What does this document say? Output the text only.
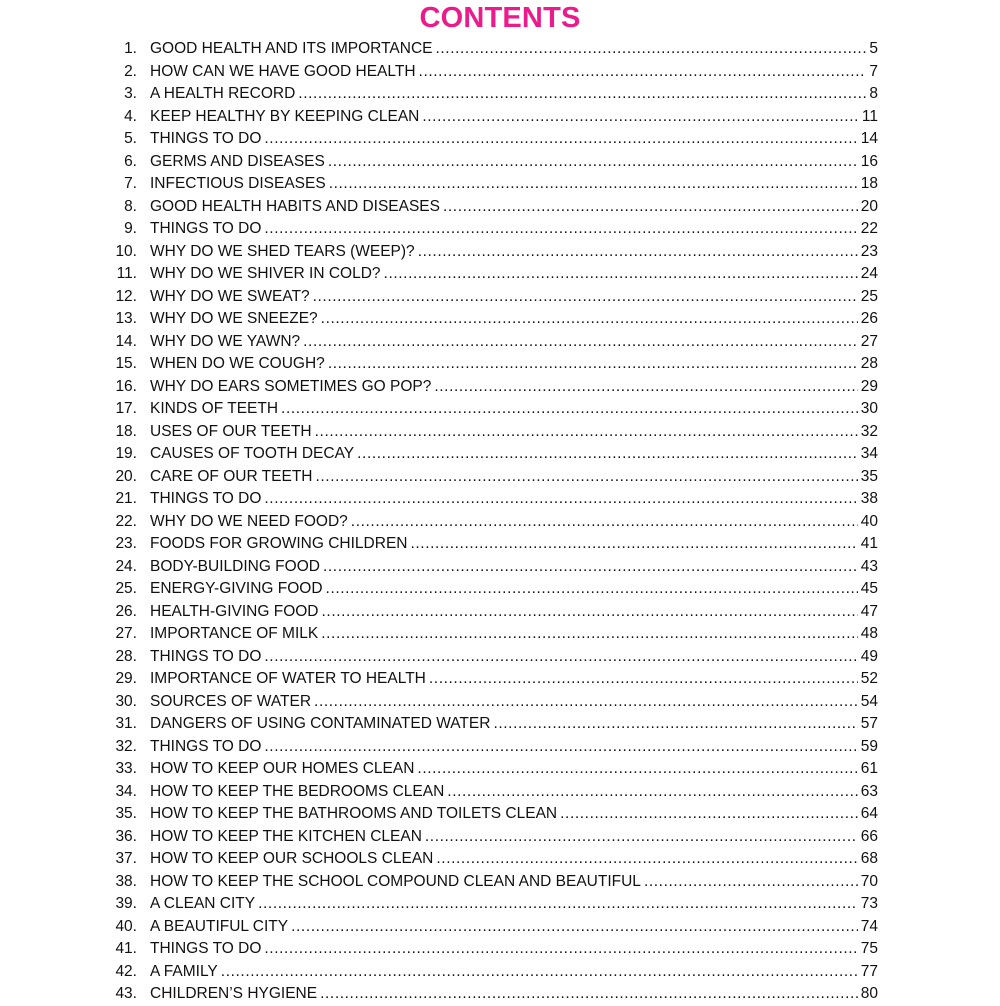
CONTENTS
1. GOOD HEALTH AND ITS IMPORTANCE .....	5
2. HOW CAN WE HAVE GOOD HEALTH .....	7
3. A HEALTH RECORD .....	8
4. KEEP HEALTHY BY KEEPING CLEAN .....	11
5. THINGS TO DO .....	14
6. GERMS AND DISEASES .....	16
7. INFECTIOUS DISEASES .....	18
8. GOOD HEALTH HABITS AND DISEASES .....	20
9. THINGS TO DO .....	22
10. WHY DO WE SHED TEARS (WEEP)? .....	23
11. WHY DO WE SHIVER IN COLD? .....	24
12. WHY DO WE SWEAT? .....	25
13. WHY DO WE SNEEZE? .....	26
14. WHY DO WE YAWN? .....	27
15. WHEN DO WE COUGH? .....	28
16. WHY DO EARS SOMETIMES GO POP? .....	29
17. KINDS OF TEETH .....	30
18. USES OF OUR TEETH .....	32
19. CAUSES OF TOOTH DECAY .....	34
20. CARE OF OUR TEETH .....	35
21. THINGS TO DO .....	38
22. WHY DO WE NEED FOOD? .....	40
23. FOODS FOR GROWING CHILDREN .....	41
24. BODY-BUILDING FOOD .....	43
25. ENERGY-GIVING FOOD .....	45
26. HEALTH-GIVING FOOD .....	47
27. IMPORTANCE OF MILK .....	48
28. THINGS TO DO .....	49
29. IMPORTANCE OF WATER TO HEALTH .....	52
30. SOURCES OF WATER .....	54
31. DANGERS OF USING CONTAMINATED WATER .....	57
32. THINGS TO DO .....	59
33. HOW TO KEEP OUR HOMES CLEAN .....	61
34. HOW TO KEEP THE BEDROOMS CLEAN .....	63
35. HOW TO KEEP THE BATHROOMS AND TOILETS CLEAN .....	64
36. HOW TO KEEP THE KITCHEN CLEAN .....	66
37. HOW TO KEEP OUR SCHOOLS CLEAN .....	68
38. HOW TO KEEP THE SCHOOL COMPOUND CLEAN AND BEAUTIFUL .....	70
39. A CLEAN CITY .....	73
40. A BEAUTIFUL CITY .....	74
41. THINGS TO DO .....	75
42. A FAMILY .....	77
43. CHILDREN’S HYGIENE .....	80
